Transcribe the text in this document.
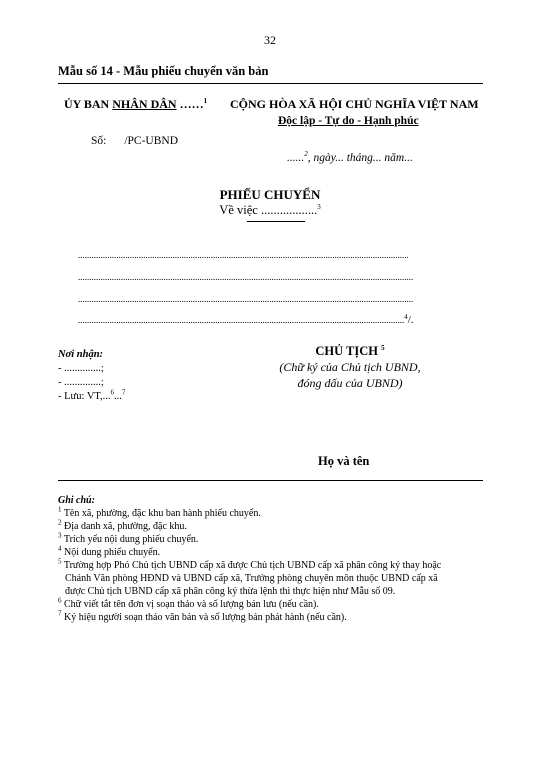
32
Mẫu số 14 - Mẫu phiếu chuyển văn bản
ỦY BAN NHÂN DÂN ……$^1$ CỘNG HÒA XÃ HỘI CHỦ NGHĨA VIỆT NAM
Độc lập - Tự do - Hạnh phúc
Số: /PC-UBND
......$^2$, ngày... tháng... năm...
PHIẾU CHUYỂN
Về việc ..................$^3$
...................................................................................................................................................
.....................................................................................................................................................
.....................................................................................................................................................
.................................................................................................................................................$^4$/.
Nơi nhận:
- ..............;
- ..............;
- Lưu: VT,...$^6$...$^7$
CHỦ TỊCH $^5$
(Chữ ký của Chủ tịch UBND,
đóng dấu của UBND)
Họ và tên
Ghi chú:
$^1$ Tên xã, phường, đặc khu ban hành phiếu chuyển.
$^2$ Địa danh xã, phường, đặc khu.
$^3$ Trích yếu nội dung phiếu chuyển.
$^4$ Nội dung phiếu chuyển.
$^5$ Trường hợp Phó Chủ tịch UBND cấp xã được Chủ tịch UBND cấp xã phân công ký thay hoặc
Chánh Văn phòng HĐND và UBND cấp xã, Trưởng phòng chuyên môn thuộc UBND cấp xã
được Chủ tịch UBND cấp xã phân công ký thừa lệnh thì thực hiện như Mẫu số 09.
$^6$ Chữ viết tắt tên đơn vị soạn thảo và số lượng bản lưu (nếu cần).
$^7$ Ký hiệu người soạn thảo văn bản và số lượng bản phát hành (nếu cần).
